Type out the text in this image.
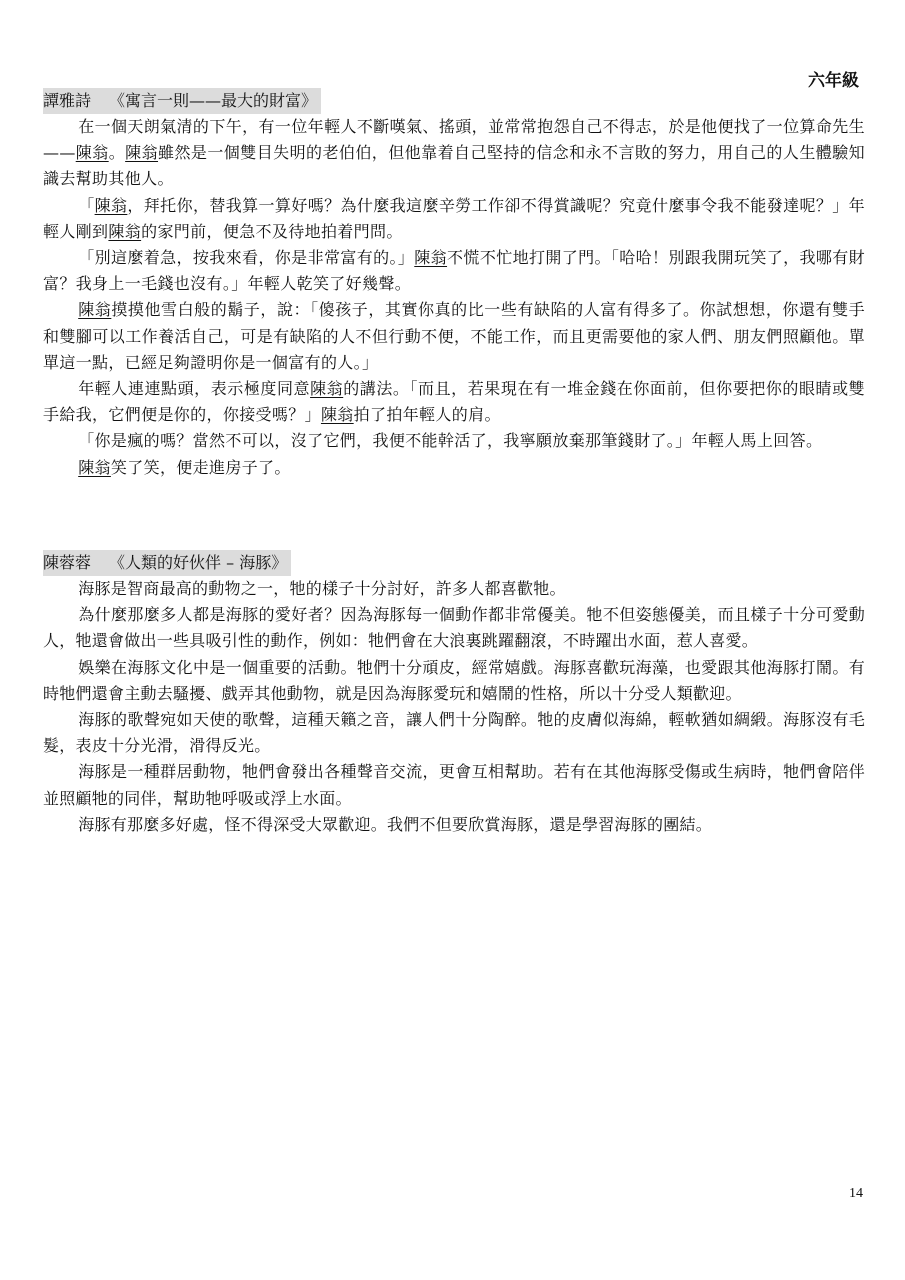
六年級
譚雅詩 《寓言一則——最大的財富》

在一個天朗氣清的下午，有一位年輕人不斷嘆氣、搖頭，並常常抱怨自己不得志，於是他便找了一位算命先生——陳翁。陳翁雖然是一個雙目失明的老伯伯，但他靠着自己堅持的信念和永不言敗的努力，用自己的人生體驗知識去幫助其他人。

「陳翁，拜托你，替我算一算好嗎？為什麼我這麼辛勞工作卻不得賞識呢？究竟什麼事令我不能發達呢？」年輕人剛到陳翁的家門前，便急不及待地拍着門問。

「別這麼着急，按我來看，你是非常富有的。」陳翁不慌不忙地打開了門。「哈哈！別跟我開玩笑了，我哪有財富？我身上一毛錢也沒有。」年輕人乾笑了好幾聲。

陳翁摸摸他雪白般的鬍子，說：「傻孩子，其實你真的比一些有缺陷的人富有得多了。你試想想，你還有雙手和雙腳可以工作養活自己，可是有缺陷的人不但行動不便，不能工作，而且更需要他的家人們、朋友們照顧他。單單這一點，已經足夠證明你是一個富有的人。」

年輕人連連點頭，表示極度同意陳翁的講法。「而且，若果現在有一堆金錢在你面前，但你要把你的眼睛或雙手給我，它們便是你的，你接受嗎？」陳翁拍了拍年輕人的肩。

「你是瘋的嗎？當然不可以，沒了它們，我便不能幹活了，我寧願放棄那筆錢財了。」年輕人馬上回答。

陳翁笑了笑，便走進房子了。

陳蓉蓉 《人類的好伙伴 – 海豚》

海豚是智商最高的動物之一，牠的樣子十分討好，許多人都喜歡牠。

為什麼那麼多人都是海豚的愛好者？因為海豚每一個動作都非常優美。牠不但姿態優美，而且樣子十分可愛動人，牠還會做出一些具吸引性的動作，例如：牠們會在大浪裏跳躍翻滾，不時躍出水面，惹人喜愛。

娛樂在海豚文化中是一個重要的活動。牠們十分頑皮，經常嬉戲。海豚喜歡玩海藻，也愛跟其他海豚打鬧。有時牠們還會主動去騷擾、戲弄其他動物，就是因為海豚愛玩和嬉鬧的性格，所以十分受人類歡迎。

海豚的歌聲宛如天使的歌聲，這種天籟之音，讓人們十分陶醉。牠的皮膚似海綿，輕軟猶如綢緞。海豚沒有毛髮，表皮十分光滑，滑得反光。

海豚是一種群居動物，牠們會發出各種聲音交流，更會互相幫助。若有在其他海豚受傷或生病時，牠們會陪伴並照顧牠的同伴，幫助牠呼吸或浮上水面。

海豚有那麼多好處，怪不得深受大眾歡迎。我們不但要欣賞海豚，還是學習海豚的團結。

14
